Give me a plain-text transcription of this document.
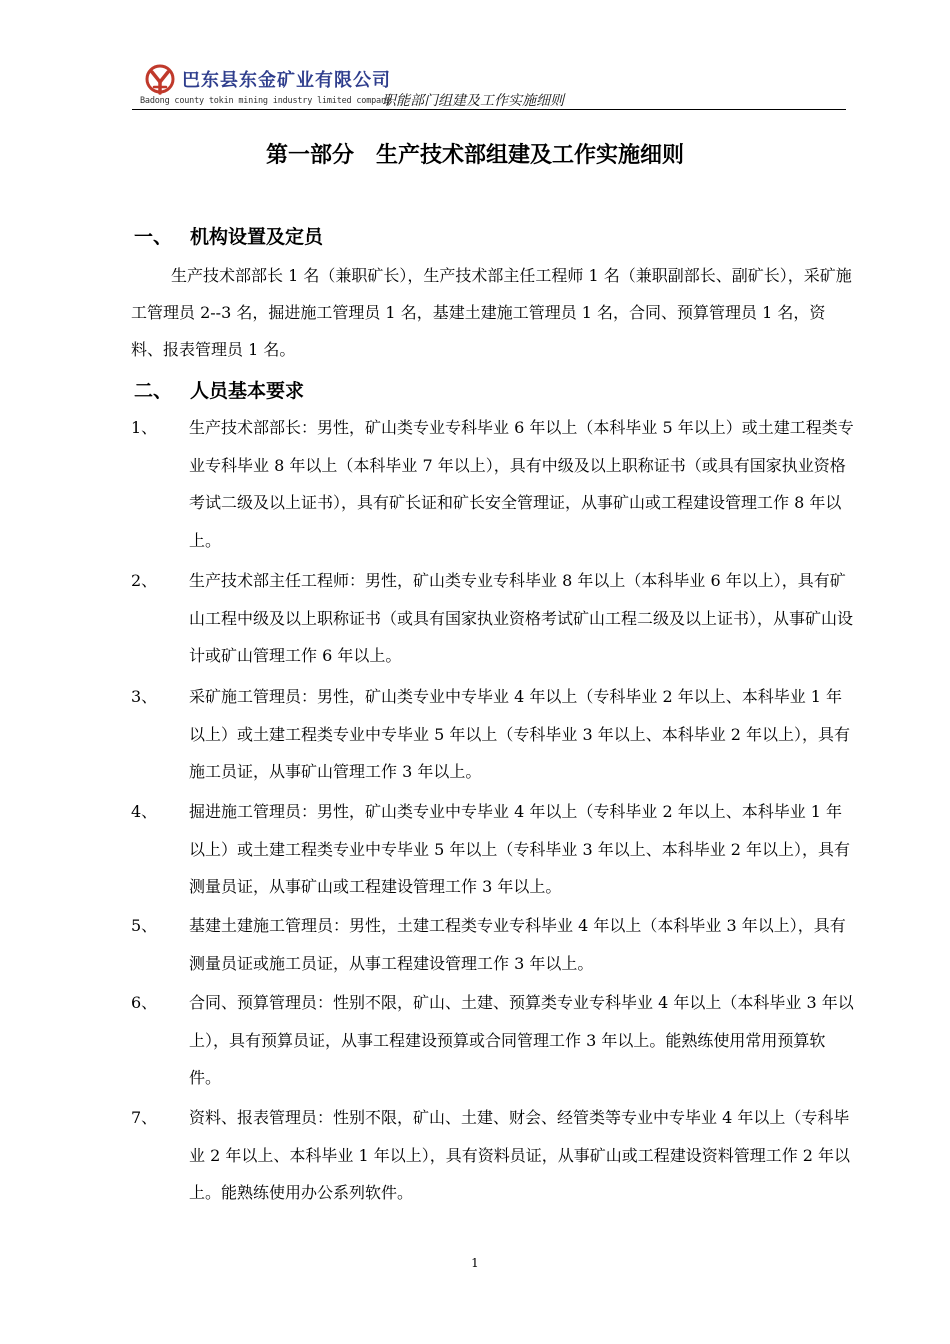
巴东县东金矿业有限公司
Badong county tokin mining industry limited company
职能部门组建及工作实施细则
第一部分　生产技术部组建及工作实施细则
一、 机构设置及定员

生产技术部部长 1 名（兼职矿长），生产技术部主任工程师 1 名（兼职副部长、副矿长），采矿施工管理员 2--3 名，掘进施工管理员 1 名，基建土建施工管理员 1 名，合同、预算管理员 1 名，资料、报表管理员 1 名。

二、 人员基本要求
1、	生产技术部部长：男性，矿山类专业专科毕业 6 年以上（本科毕业 5 年以上）或土建工程类专业专科毕业 8 年以上（本科毕业 7 年以上），具有中级及以上职称证书（或具有国家执业资格考试二级及以上证书），具有矿长证和矿长安全管理证，从事矿山或工程建设管理工作 8 年以上。
2、	生产技术部主任工程师：男性，矿山类专业专科毕业 8 年以上（本科毕业 6 年以上），具有矿山工程中级及以上职称证书（或具有国家执业资格考试矿山工程二级及以上证书），从事矿山设计或矿山管理工作 6 年以上。
3、	采矿施工管理员：男性，矿山类专业中专毕业 4 年以上（专科毕业 2 年以上、本科毕业 1 年以上）或土建工程类专业中专毕业 5 年以上（专科毕业 3 年以上、本科毕业 2 年以上），具有施工员证，从事矿山管理工作 3 年以上。
4、	掘进施工管理员：男性，矿山类专业中专毕业 4 年以上（专科毕业 2 年以上、本科毕业 1 年以上）或土建工程类专业中专毕业 5 年以上（专科毕业 3 年以上、本科毕业 2 年以上），具有测量员证，从事矿山或工程建设管理工作 3 年以上。
5、	基建土建施工管理员：男性，土建工程类专业专科毕业 4 年以上（本科毕业 3 年以上），具有测量员证或施工员证，从事工程建设管理工作 3 年以上。
6、	合同、预算管理员：性别不限，矿山、土建、预算类专业专科毕业 4 年以上（本科毕业 3 年以上），具有预算员证，从事工程建设预算或合同管理工作 3 年以上。能熟练使用常用预算软件。
7、	资料、报表管理员：性别不限，矿山、土建、财会、经管类等专业中专毕业 4 年以上（专科毕业 2 年以上、本科毕业 1 年以上），具有资料员证，从事矿山或工程建设资料管理工作 2 年以上。能熟练使用办公系列软件。
1
